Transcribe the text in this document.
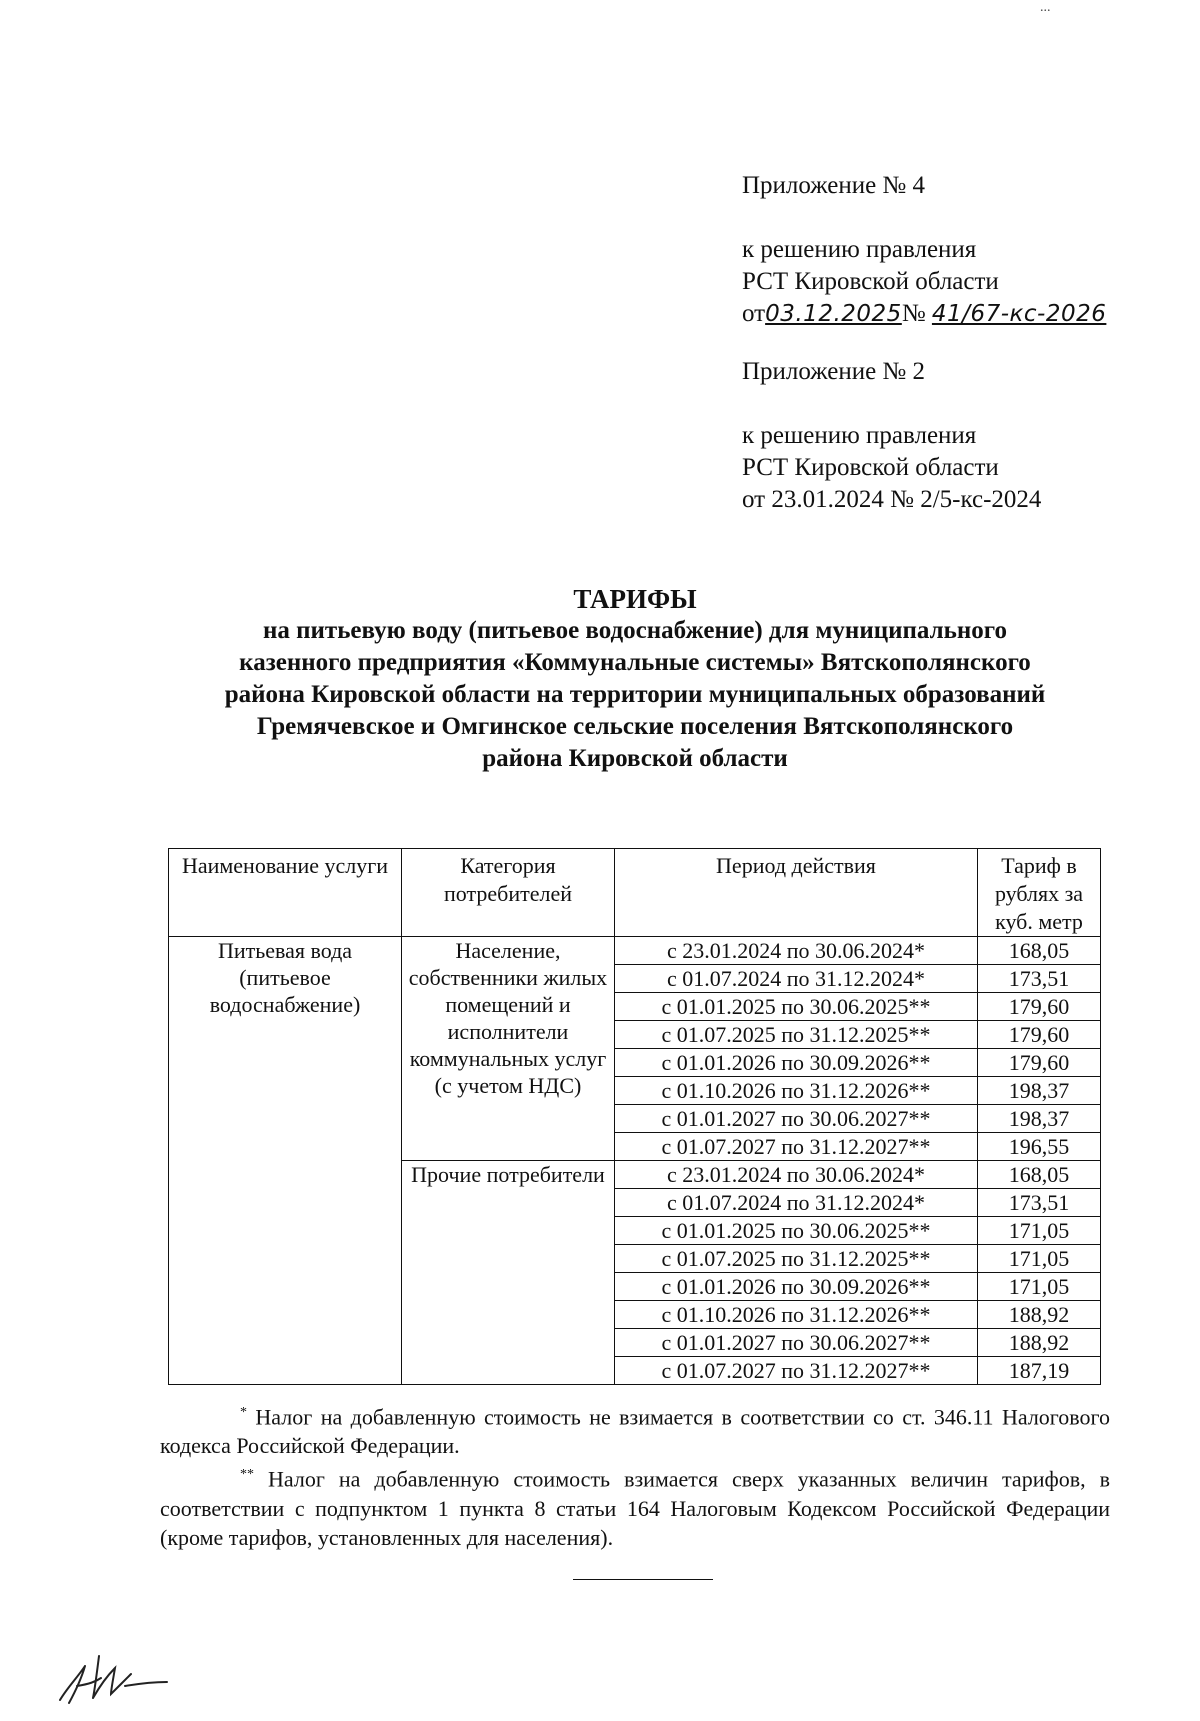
...

Приложение № 4

к решению правления

РСТ Кировской области

от03.12.2025№ 41/67-кс-2026

Приложение № 2

к решению правления

РСТ Кировской области

от 23.01.2024 № 2/5-кс-2024

ТАРИФЫ
на питьевую воду (питьевое водоснабжение) для муниципального
казенного предприятия «Коммунальные системы» Вятскополянского
района Кировской области на территории муниципальных образований
Гремячевское и Омгинское сельские поселения Вятскополянского
района Кировской области
Наименование услуги	Категория потребителей	Период действия	Тариф в рублях за куб. метр
Питьевая вода (питьевое водоснабжение)	Население, собственники жилых помещений и исполнители коммунальных услуг (с учетом НДС)	с 23.01.2024 по 30.06.2024*	168,05
		с 01.07.2024 по 31.12.2024*	173,51
		с 01.01.2025 по 30.06.2025**	179,60
		с 01.07.2025 по 31.12.2025**	179,60
		с 01.01.2026 по 30.09.2026**	179,60
		с 01.10.2026 по 31.12.2026**	198,37
		с 01.01.2027 по 30.06.2027**	198,37
		с 01.07.2027 по 31.12.2027**	196,55
	Прочие потребители	с 23.01.2024 по 30.06.2024*	168,05
		с 01.07.2024 по 31.12.2024*	173,51
		с 01.01.2025 по 30.06.2025**	171,05
		с 01.07.2025 по 31.12.2025**	171,05
		с 01.01.2026 по 30.09.2026**	171,05
		с 01.10.2026 по 31.12.2026**	188,92
		с 01.01.2027 по 30.06.2027**	188,92
		с 01.07.2027 по 31.12.2027**	187,19

* Налог на добавленную стоимость не взимается в соответствии со ст. 346.11 Налогового кодекса Российской Федерации.

** Налог на добавленную стоимость взимается сверх указанных величин тарифов, в соответствии с подпунктом 1 пункта 8 статьи 164 Налоговым Кодексом Российской Федерации (кроме тарифов, установленных для населения).
